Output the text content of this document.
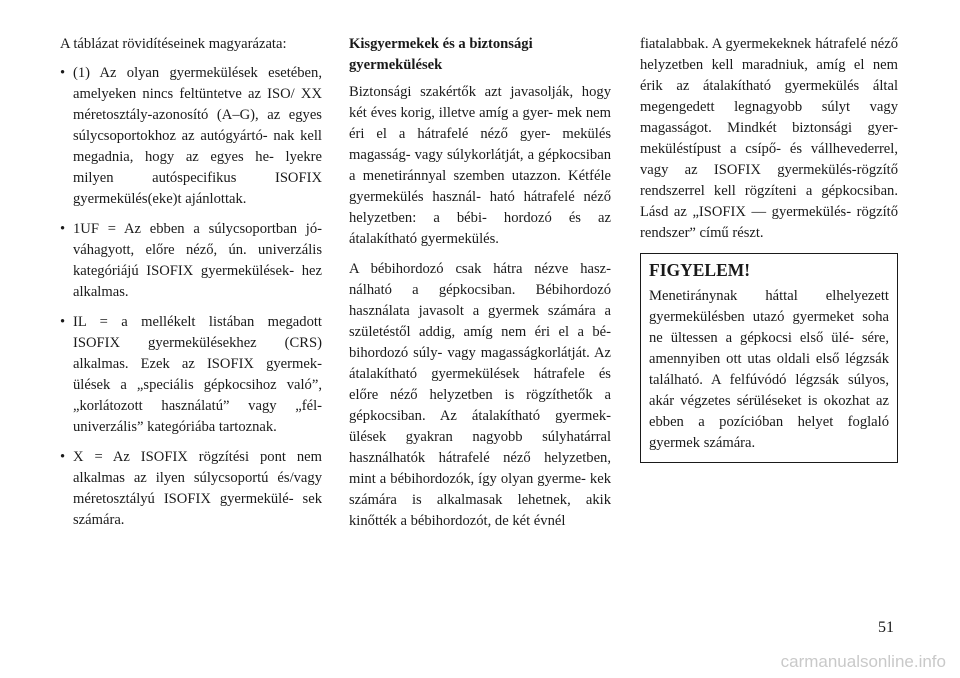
A táblázat rövidítéseinek magyarázata:

• (1) Az olyan gyermekülések esetében, amelyeken nincs feltüntetve az ISO/ XX méretosztály-azonosító (A–G), az egyes súlycsoportokhoz az autógyártó- nak kell megadnia, hogy az egyes he- lyekre milyen autóspecifikus ISOFIX gyermekülés(eke)t ajánlottak.
• 1UF = Az ebben a súlycsoportban jó- váhagyott, előre néző, ún. univerzális kategóriájú ISOFIX gyermekülések- hez alkalmas.
• IL = a mellékelt listában megadott ISOFIX gyermekülésekhez (CRS) alkalmas. Ezek az ISOFIX gyermek- ülések a „speciális gépkocsihoz való”, „korlátozott használatú” vagy „fél- univerzális” kategóriába tartoznak.
• X = Az ISOFIX rögzítési pont nem alkalmas az ilyen súlycsoportú és/vagy méretosztályú ISOFIX gyermekülé- sek számára.

Kisgyermekek és a biztonsági gyermekülések

Biztonsági szakértők azt javasolják, hogy két éves korig, illetve amíg a gyer- mek nem éri el a hátrafelé néző gyer- mekülés magasság- vagy súlykorlátját, a gépkocsiban a menetiránnyal szemben utazzon. Kétféle gyermekülés használ- ható hátrafelé néző helyzetben: a bébi- hordozó és az átalakítható gyermekülés.

A bébihordozó csak hátra nézve hasz- nálható a gépkocsiban. Bébihordozó használata javasolt a gyermek számára a születéstől addig, amíg nem éri el a bé- bihordozó súly- vagy magasságkorlátját. Az átalakítható gyermekülések hátrafele és előre néző helyzetben is rögzíthetők a gépkocsiban. Az átalakítható gyermek- ülések gyakran nagyobb súlyhatárral használhatók hátrafelé néző helyzetben, mint a bébihordozók, így olyan gyerme- kek számára is alkalmasak lehetnek, akik kinőtték a bébihordozót, de két évnél

fiatalabbak. A gyermekeknek hátrafelé néző helyzetben kell maradniuk, amíg el nem érik az átalakítható gyermekülés által megengedett legnagyobb súlyt vagy magasságot. Mindkét biztonsági gyer- meküléstípust a csípő- és vállhevederrel, vagy az ISOFIX gyermekülés-rögzítő rendszerrel kell rögzíteni a gépkocsiban. Lásd az „ISOFIX — gyermekülés- rögzítő rendszer” című részt.

FIGYELEM!

Menetiránynak háttal elhelyezett gyermekülésben utazó gyermeket soha ne ültessen a gépkocsi első ülé- sére, amennyiben ott utas oldali első légzsák található. A felfúvódó légzsák súlyos, akár végzetes sérüléseket is okozhat az ebben a pozícióban helyet foglaló gyermek számára.

51
carmanualsonline.info
